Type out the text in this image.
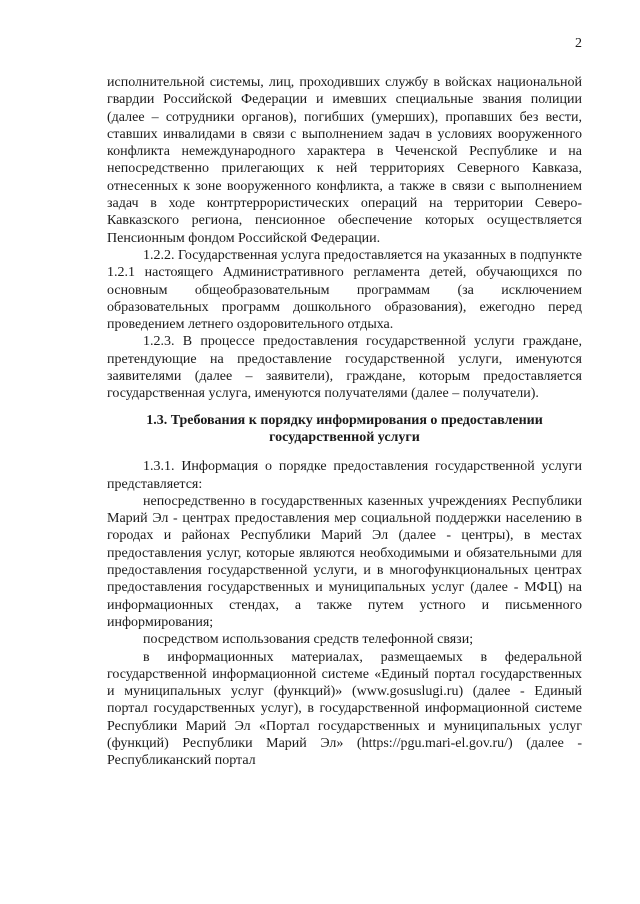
2

исполнительной системы, лиц, проходивших службу в войсках национальной гвардии Российской Федерации и имевших специальные звания полиции (далее – сотрудники органов), погибших (умерших), пропавших без вести, ставших инвалидами в связи с выполнением задач в условиях вооруженного конфликта немеждународного характера в Чеченской Республике и на непосредственно прилегающих к ней территориях Северного Кавказа, отнесенных к зоне вооруженного конфликта, а также в связи с выполнением задач в ходе контртеррористических операций на территории Северо-Кавказского региона, пенсионное обеспечение которых осуществляется Пенсионным фондом Российской Федерации.

1.2.2. Государственная услуга предоставляется на указанных в подпункте 1.2.1 настоящего Административного регламента детей, обучающихся по основным общеобразовательным программам (за исключением образовательных программ дошкольного образования), ежегодно перед проведением летнего оздоровительного отдыха.

1.2.3. В процессе предоставления государственной услуги граждане, претендующие на предоставление государственной услуги, именуются заявителями (далее – заявители), граждане, которым предоставляется государственная услуга, именуются получателями (далее – получатели).

1.3. Требования к порядку информирования о предоставлении государственной услуги

1.3.1. Информация о порядке предоставления государственной услуги представляется:

непосредственно в государственных казенных учреждениях Республики Марий Эл - центрах предоставления мер социальной поддержки населению в городах и районах Республики Марий Эл (далее - центры), в местах предоставления услуг, которые являются необходимыми и обязательными для предоставления государственной услуги, и в многофункциональных центрах предоставления государственных и муниципальных услуг (далее - МФЦ) на информационных стендах, а также путем устного и письменного информирования;

посредством использования средств телефонной связи;

в информационных материалах, размещаемых в федеральной государственной информационной системе «Единый портал государственных и муниципальных услуг (функций)» (www.gosuslugi.ru) (далее - Единый портал государственных услуг), в государственной информационной системе Республики Марий Эл «Портал государственных и муниципальных услуг (функций) Республики Марий Эл» (https://pgu.mari-el.gov.ru/) (далее - Республиканский портал
